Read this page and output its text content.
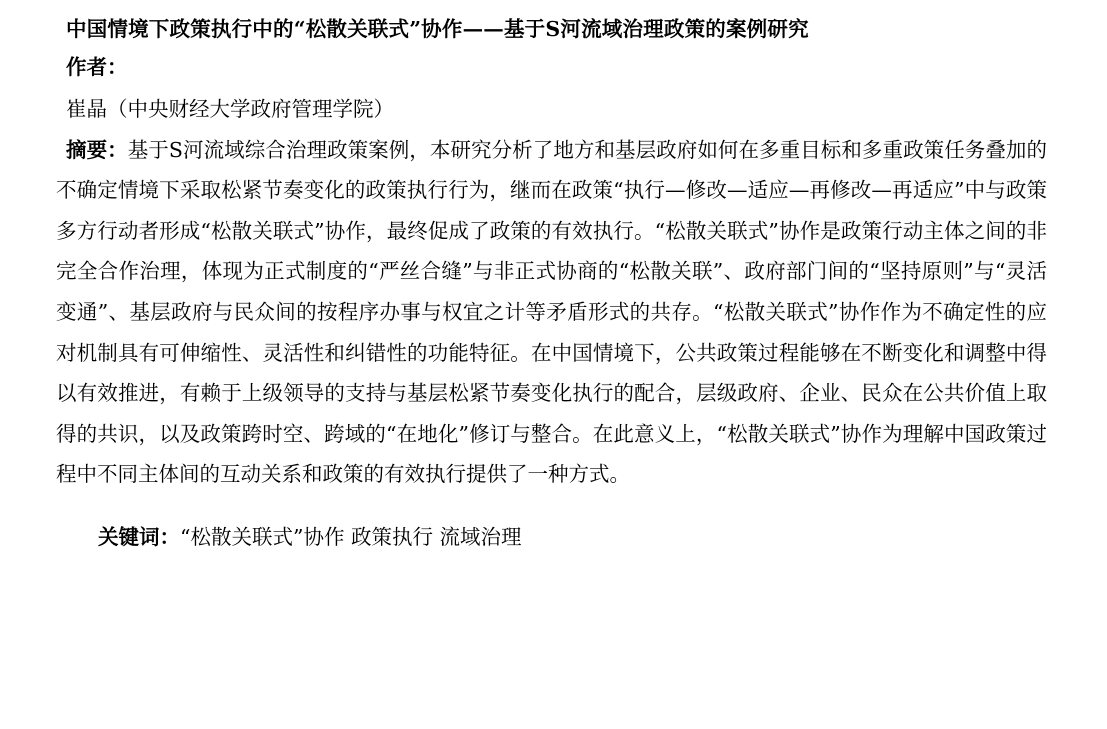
中国情境下政策执行中的“松散关联式”协作——基于S河流域治理政策的案例研究
作者：
崔晶（中央财经大学政府管理学院）

摘要：基于S河流域综合治理政策案例，本研究分析了地方和基层政府如何在多重目标和多重政策任务叠加的不确定情境下采取松紧节奏变化的政策执行行为，继而在政策“执行—修改—适应—再修改—再适应”中与政策多方行动者形成“松散关联式”协作，最终促成了政策的有效执行。“松散关联式”协作是政策行动主体之间的非完全合作治理，体现为正式制度的“严丝合缝”与非正式协商的“松散关联”、政府部门间的“坚持原则”与“灵活变通”、基层政府与民众间的按程序办事与权宜之计等矛盾形式的共存。“松散关联式”协作作为不确定性的应对机制具有可伸缩性、灵活性和纠错性的功能特征。在中国情境下，公共政策过程能够在不断变化和调整中得以有效推进，有赖于上级领导的支持与基层松紧节奏变化执行的配合，层级政府、企业、民众在公共价值上取得的共识，以及政策跨时空、跨域的“在地化”修订与整合。在此意义上，“松散关联式”协作为理解中国政策过程中不同主体间的互动关系和政策的有效执行提供了一种方式。

关键词：“松散关联式”协作 政策执行 流域治理
